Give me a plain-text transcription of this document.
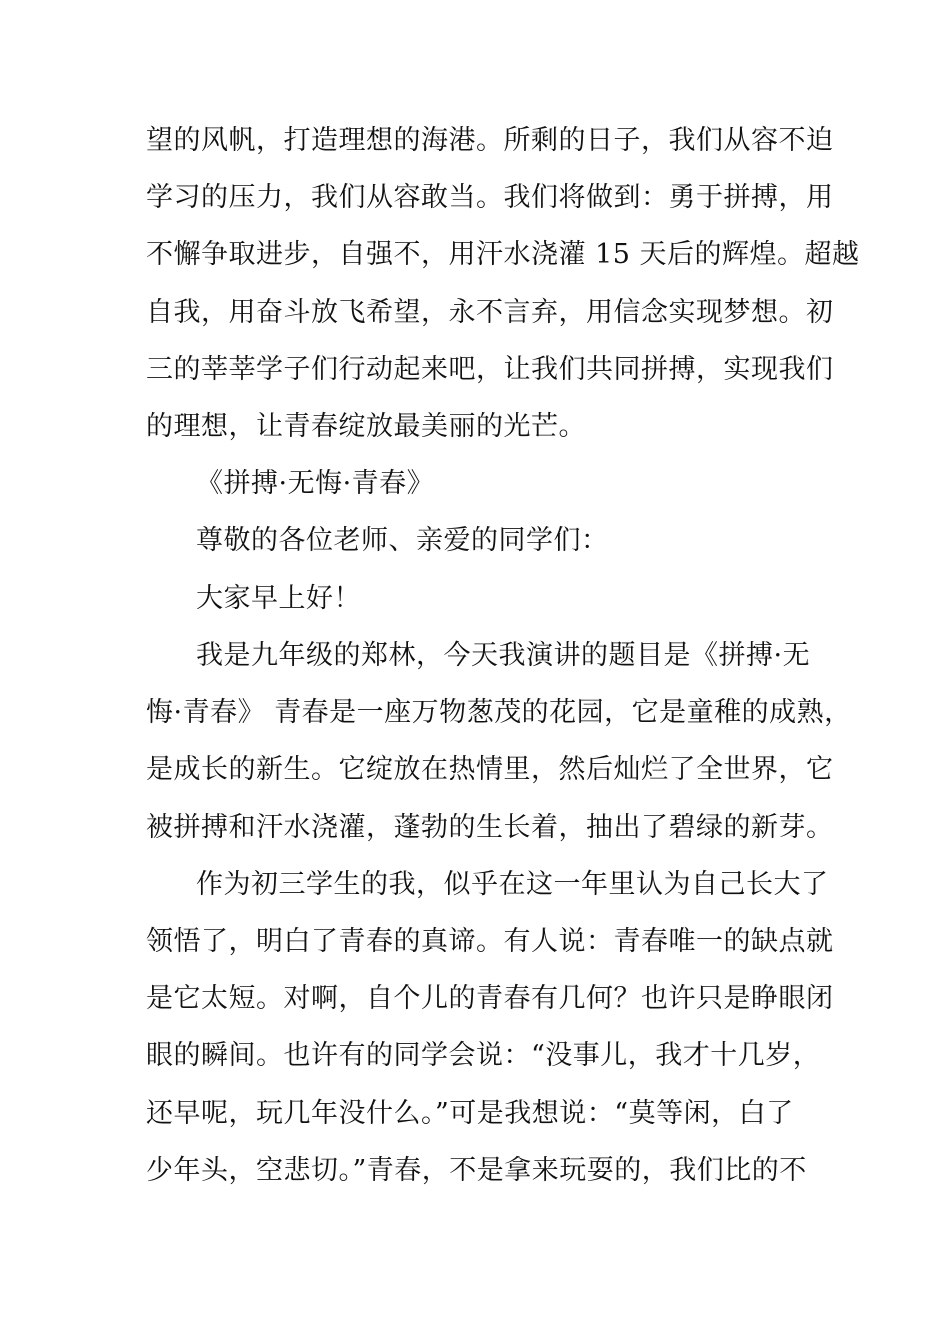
望的风帆，打造理想的海港。所剩的日子，我们从容不迫
学习的压力，我们从容敢当。我们将做到：勇于拼搏，用
不懈争取进步，自强不，用汗水浇灌 15 天后的辉煌。超越
自我，用奋斗放飞希望，永不言弃，用信念实现梦想。初
三的莘莘学子们行动起来吧，让我们共同拼搏，实现我们
的理想，让青春绽放最美丽的光芒。
《拼搏·无悔·青春》
尊敬的各位老师、亲爱的同学们：
大家早上好！
我是九年级的郑林，今天我演讲的题目是《拼搏·无
悔·青春》 青春是一座万物葱茂的花园，它是童稚的成熟，
是成长的新生。它绽放在热情里，然后灿烂了全世界，它
被拼搏和汗水浇灌，蓬勃的生长着，抽出了碧绿的新芽。
作为初三学生的我，似乎在这一年里认为自己长大了
领悟了，明白了青春的真谛。有人说：青春唯一的缺点就
是它太短。对啊，自个儿的青春有几何？也许只是睁眼闭
眼的瞬间。也许有的同学会说：“没事儿，我才十几岁，
还早呢，玩几年没什么。”可是我想说：“莫等闲，白了
少年头，空悲切。”青春，不是拿来玩耍的，我们比的不
